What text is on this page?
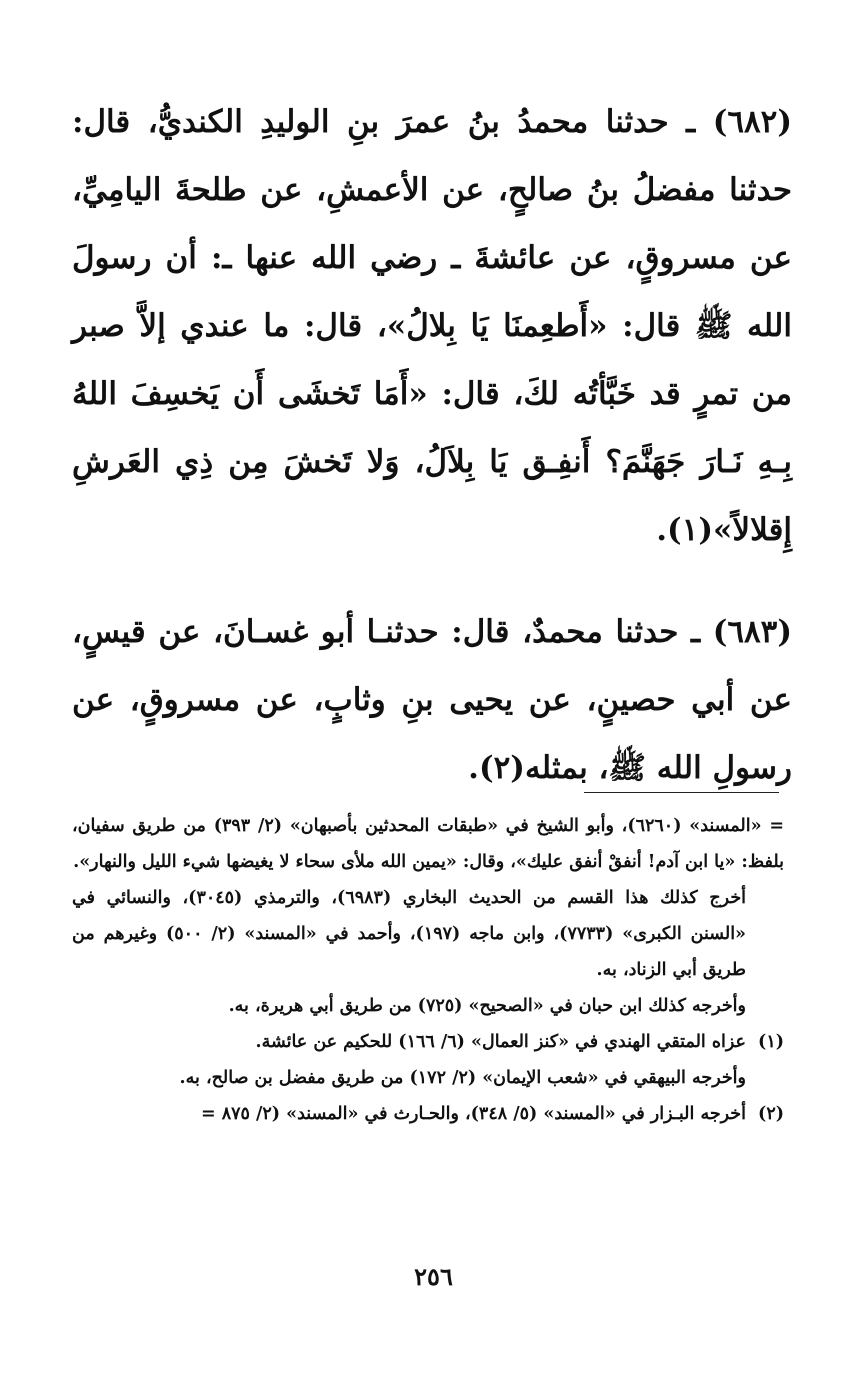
(٦٨٢) ـ حدثنا محمدُ بنُ عمرَ بنِ الوليدِ الكنديُّ، قال: حدثنا مفضلُ بنُ صالحٍ، عن الأعمشِ، عن طلحةَ اليامِيِّ، عن مسروقٍ، عن عائشةَ ـ رضي الله عنها ـ: أن رسولَ الله ﷺ قال: «أَطعِمنَا يَا بِلالُ»، قال: ما عندي إلاَّ صبر من تمرٍ قد خَبَّأتُه لكَ، قال: «أَمَا تَخشَى أَن يَخسِفَ اللهُ بِـهِ نَـارَ جَهَنَّمَ؟ أَنفِـق يَا بِلاَلُ، وَلا تَخشَ مِن ذِي العَرشِ إِقلالاً»(١).

(٦٨٣) ـ حدثنا محمدٌ، قال: حدثنـا أبو غسـانَ، عن قيسٍ، عن أبي حصينٍ، عن يحيى بنِ وثابٍ، عن مسروقٍ، عن رسولِ الله ﷺ، بمثله(٢).

= «المسند» (٦٢٦٠)، وأبو الشيخ في «طبقات المحدثين بأصبهان» (٢/ ٣٩٣) من طريق سفيان، بلفظ: «يا ابن آدم! أنفقْ أنفق عليك»، وقال: «يمين الله ملأى سحاء لا يغيضها شيء الليل والنهار».

أخرج كذلك هذا القسم من الحديث البخاري (٦٩٨٣)، والترمذي (٣٠٤٥)، والنسائي في «السنن الكبرى» (٧٧٣٣)، وابن ماجه (١٩٧)، وأحمد في «المسند» (٢/ ٥٠٠) وغيرهم من طريق أبي الزناد، به.

وأخرجه كذلك ابن حبان في «الصحيح» (٧٢٥) من طريق أبي هريرة، به.

(١)
عزاه المتقي الهندي في «كنز العمال» (٦/ ١٦٦) للحكيم عن عائشة.

وأخرجه البيهقي في «شعب الإيمان» (٢/ ١٧٢) من طريق مفضل بن صالح، به.

(٢)
أخرجه البـزار في «المسند» (٥/ ٣٤٨)، والحـارث في «المسند» (٢/ ٨٧٥ =
٢٥٦
